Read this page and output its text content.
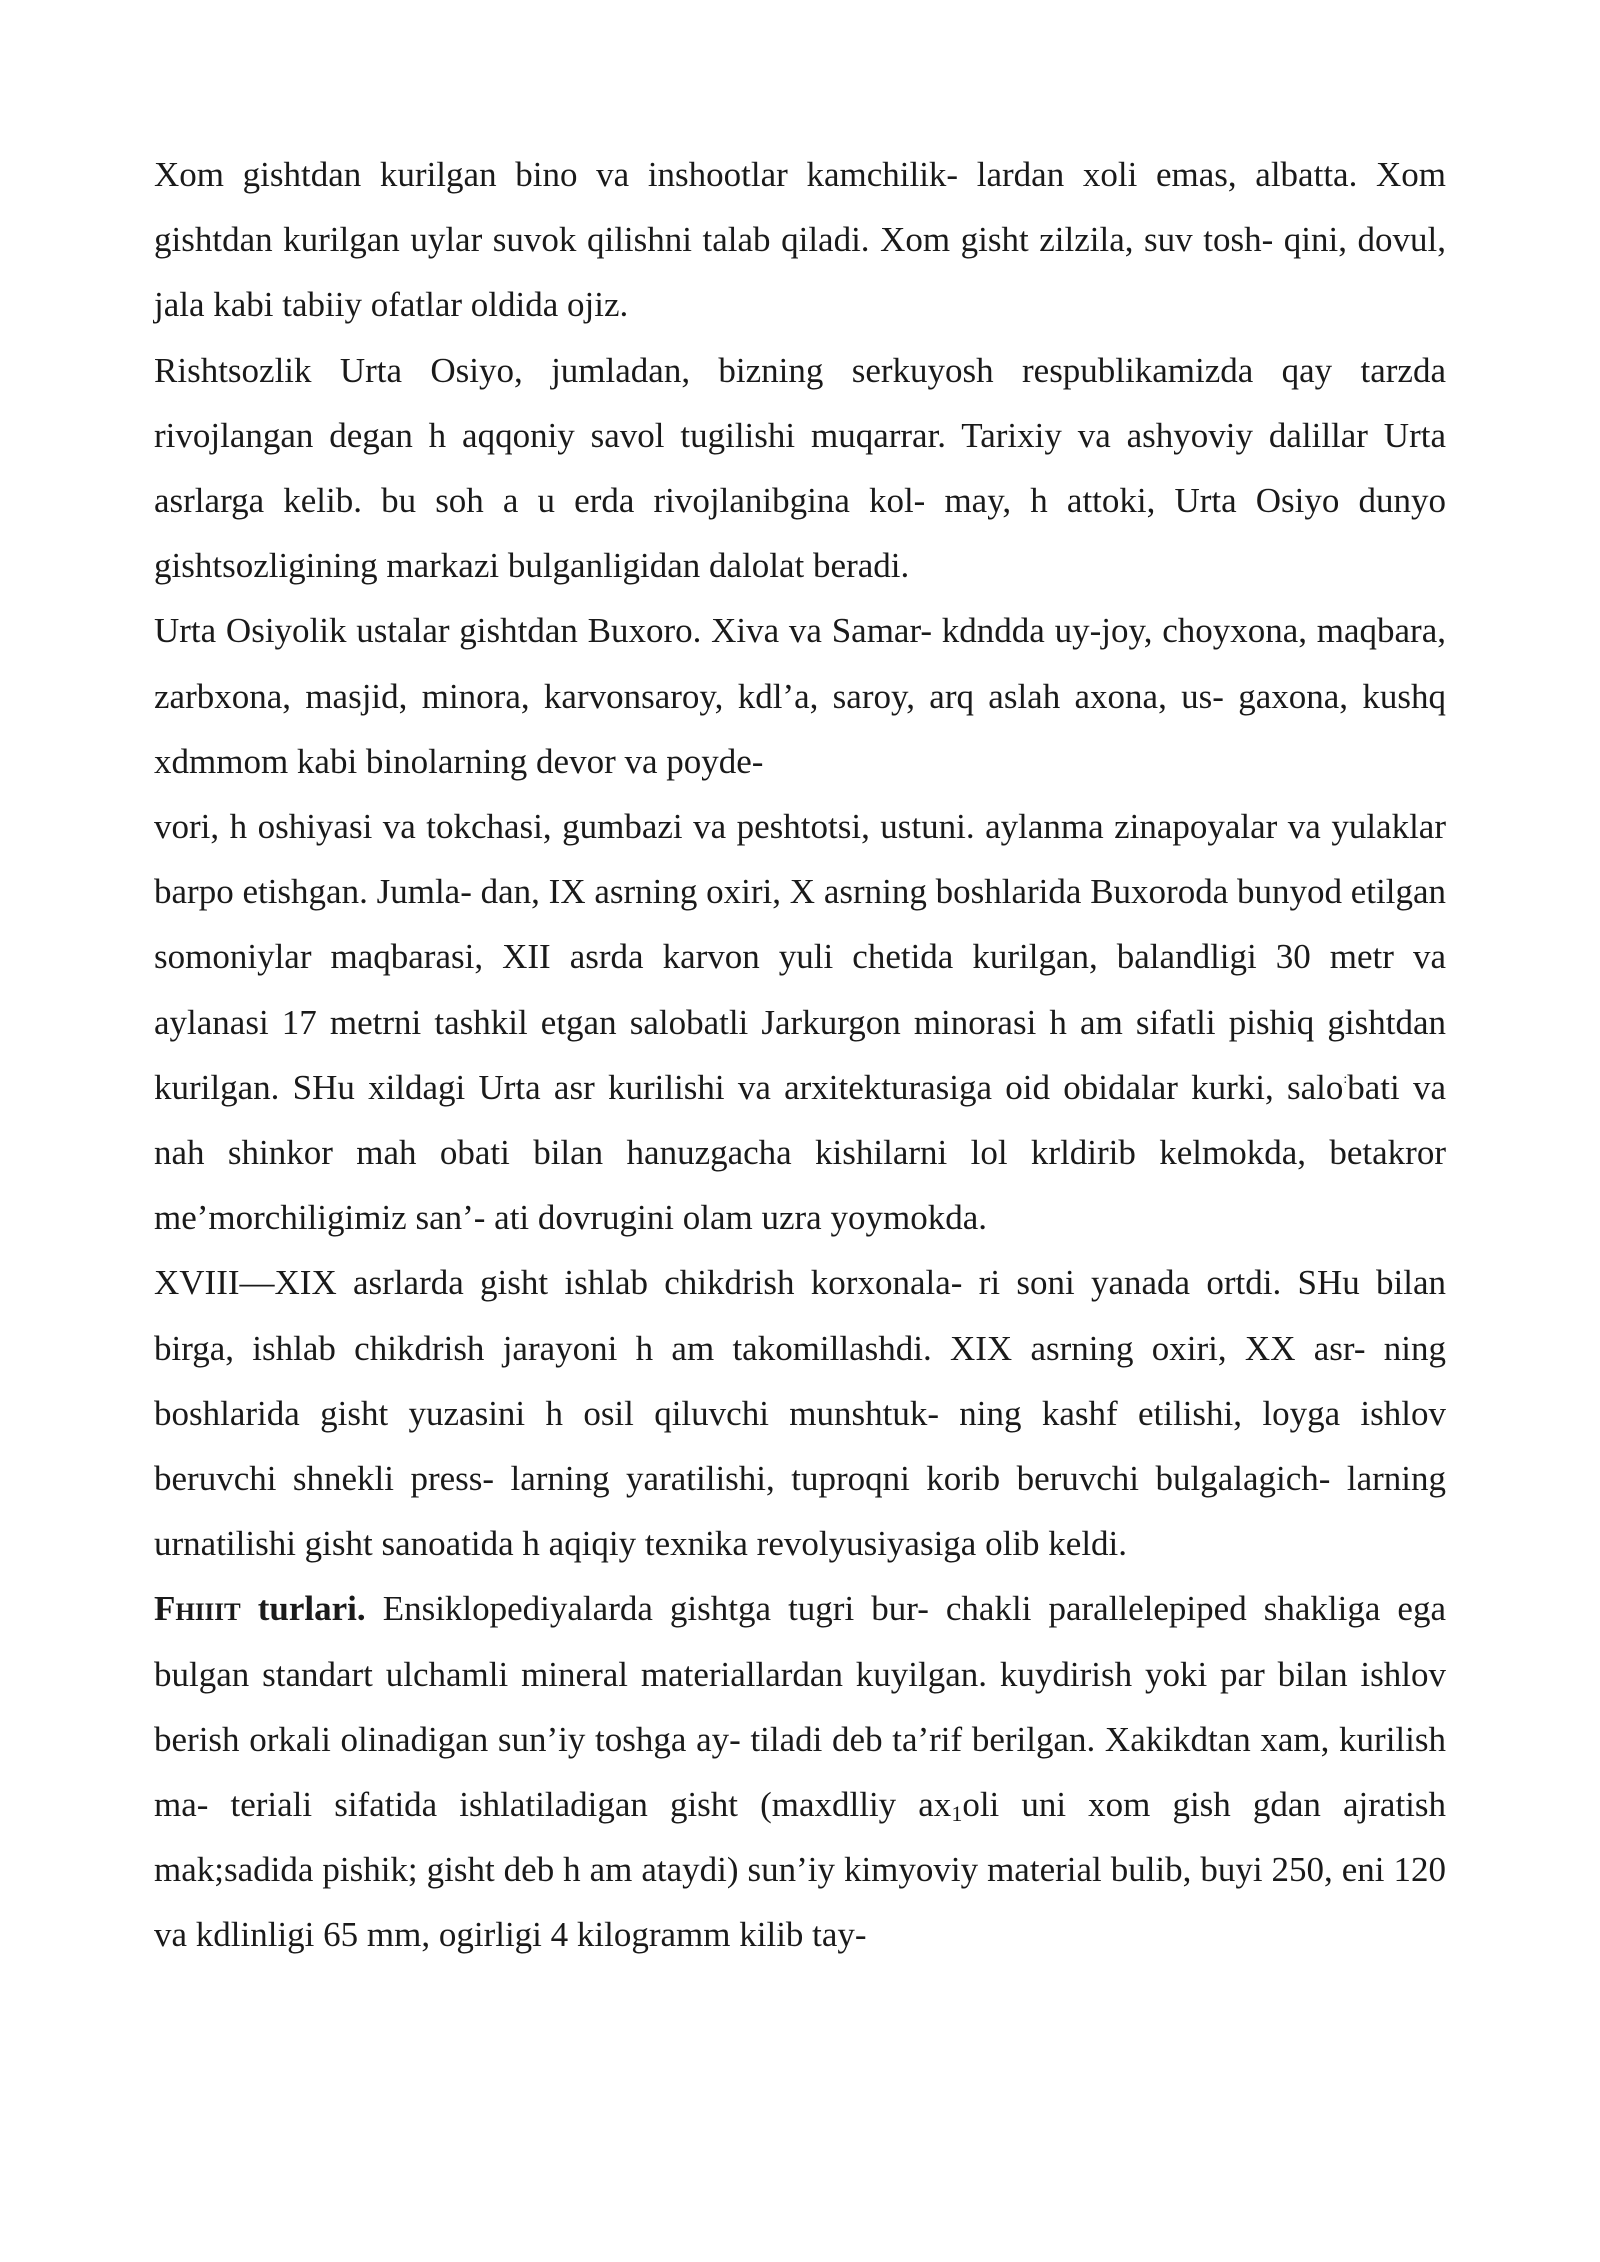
Xom gishtdan kurilgan bino va inshootlar kamchilik- lardan xoli emas, albatta. Xom gishtdan kurilgan uylar suvok qilishni talab qiladi. Xom gisht zilzila, suv tosh- qini, dovul, jala kabi tabiiy ofatlar oldida ojiz.

Rishtsozlik Urta Osiyo, jumladan, bizning serkuyosh respublikamizda qay tarzda rivojlangan degan h aqqoniy savol tugilishi muqarrar. Tarixiy va ashyoviy dalillar Urta asrlarga kelib. bu soh a u erda rivojlanibgina kol- may, h attoki, Urta Osiyo dunyo gishtsozligining markazi bulganligidan dalolat beradi.

Urta Osiyolik ustalar gishtdan Buxoro. Xiva va Samar- kdndda uy-joy, choyxona, maqbara, zarbxona, masjid, minora, karvonsaroy, kdl’a, saroy, arq aslah axona, us- gaxona, kushq xdmmom kabi binolarning devor va poyde-

vori, h oshiyasi va tokchasi, gumbazi va peshtotsi, ustuni. aylanma zinapoyalar va yulaklar barpo etishgan. Jumla- dan, IX asrning oxiri, X asrning boshlarida Buxoroda bunyod etilgan somoniylar maqbarasi, XII asrda karvon yuli chetida kurilgan, balandligi 30 metr va aylanasi 17 metrni tashkil etgan salobatli Jarkurgon minorasi h am sifatli pishiq gishtdan kurilgan. SHu xildagi Urta asr kurilishi va arxitekturasiga oid obidalar kurki, salo:bati va nah shinkor mah obati bilan hanuzgacha kishilarni lol krldirib kelmokda, betakror me’morchiligimiz san’- ati dovrugini olam uzra yoymokda.

XVIII—XIX asrlarda gisht ishlab chikdrish korxonala- ri soni yanada ortdi. SHu bilan birga, ishlab chikdrish jarayoni h am takomillashdi. XIX asrning oxiri, XX asr- ning boshlarida gisht yuzasini h osil qiluvchi munshtuk- ning kashf etilishi, loyga ishlov beruvchi shnekli press- larning yaratilishi, tuproqni korib beruvchi bulgalagich- larning urnatilishi gisht sanoatida h aqiqiy texnika revolyusiyasiga olib keldi.

Fhiiit turlari. Ensiklopediyalarda gishtga tugri bur- chakli parallelepiped shakliga ega bulgan standart ulchamli mineral materiallardan kuyilgan. kuydirish yoki par bilan ishlov berish orkali olinadigan sun’iy toshga ay- tiladi deb ta’rif berilgan. Xakikdtan xam, kurilish ma- teriali sifatida ishlatiladigan gisht (maxdlliy $ax_1oli$ uni xom gish gdan ajratish mak;sadida pishik; gisht deb h am ataydi) sun’iy kimyoviy material bulib, buyi 250, eni 120 va kdlinligi 65 mm, ogirligi 4 kilogramm kilib tay-
